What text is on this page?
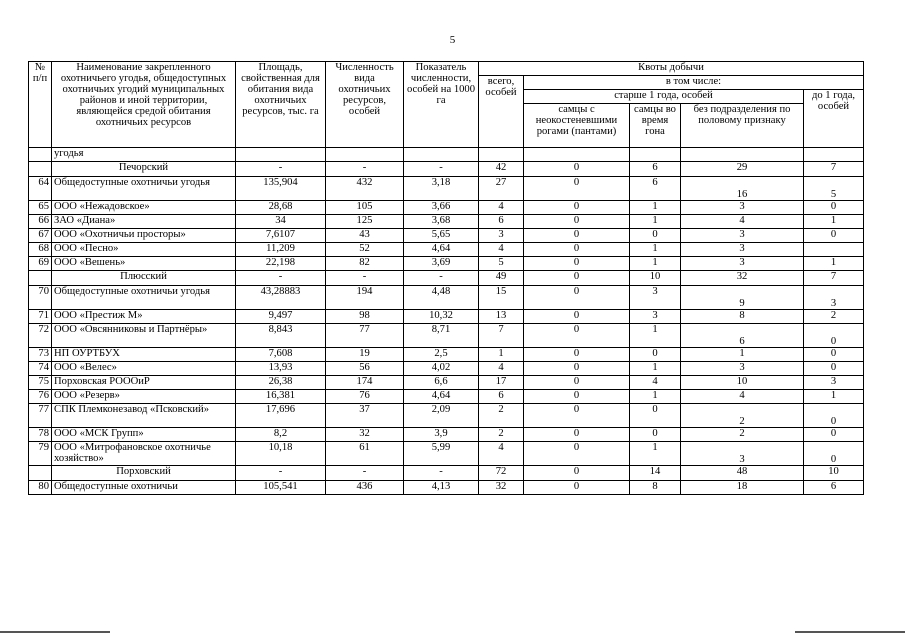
5
№
п/п	Наименование закрепленного охотничьего угодья, общедоступных охотничьих угодий муниципальных районов и иной территории, являющейся средой обитания охотничьих ресурсов	Площадь, свойственная для обитания вида охотничьих ресурсов, тыс. га	Численность вида охотничьих ресурсов, особей	Показатель численности, особей на 1000 га	Квоты добычи				
					всего, особей	в том числе:			
						старше 1 года, особей			до 1 года, особей
						самцы с неокостеневшими рогами (пантами)	самцы во время гона	без подразделения по половому признаку	
	угодья								
	Печорский	-	-	-	42	0	6	29	7
64	Общедоступные охотничьи угодья	135,904	432	3,18	27	0	6	16	5
65	ООО «Нежадовское»	28,68	105	3,66	4	0	1	3	0
66	ЗАО «Диана»	34	125	3,68	6	0	1	4	1
67	ООО «Охотничьи просторы»	7,6107	43	5,65	3	0	0	3	0
68	ООО «Песно»	11,209	52	4,64	4	0	1	3	
69	ООО «Вешень»	22,198	82	3,69	5	0	1	3	1
	Плюсский	-	-	-	49	0	10	32	7
70	Общедоступные охотничьи угодья	43,28883	194	4,48	15	0	3	9	3
71	ООО «Престиж М»	9,497	98	10,32	13	0	3	8	2
72	ООО «Овсянниковы и Партнёры»	8,843	77	8,71	7	0	1	6	0
73	НП ОУРТБУХ	7,608	19	2,5	1	0	0	1	0
74	ООО «Велес»	13,93	56	4,02	4	0	1	3	0
75	Порховская РОООиР	26,38	174	6,6	17	0	4	10	3
76	ООО «Резерв»	16,381	76	4,64	6	0	1	4	1
77	СПК Племконезавод «Псковский»	17,696	37	2,09	2	0	0	2	0
78	ООО «МСК Групп»	8,2	32	3,9	2	0	0	2	0
79	ООО «Митрофановское охотничье хозяйство»	10,18	61	5,99	4	0	1	3	0
	Порховский	-	-	-	72	0	14	48	10
80	Общедоступные охотничьи	105,541	436	4,13	32	0	8	18	6
